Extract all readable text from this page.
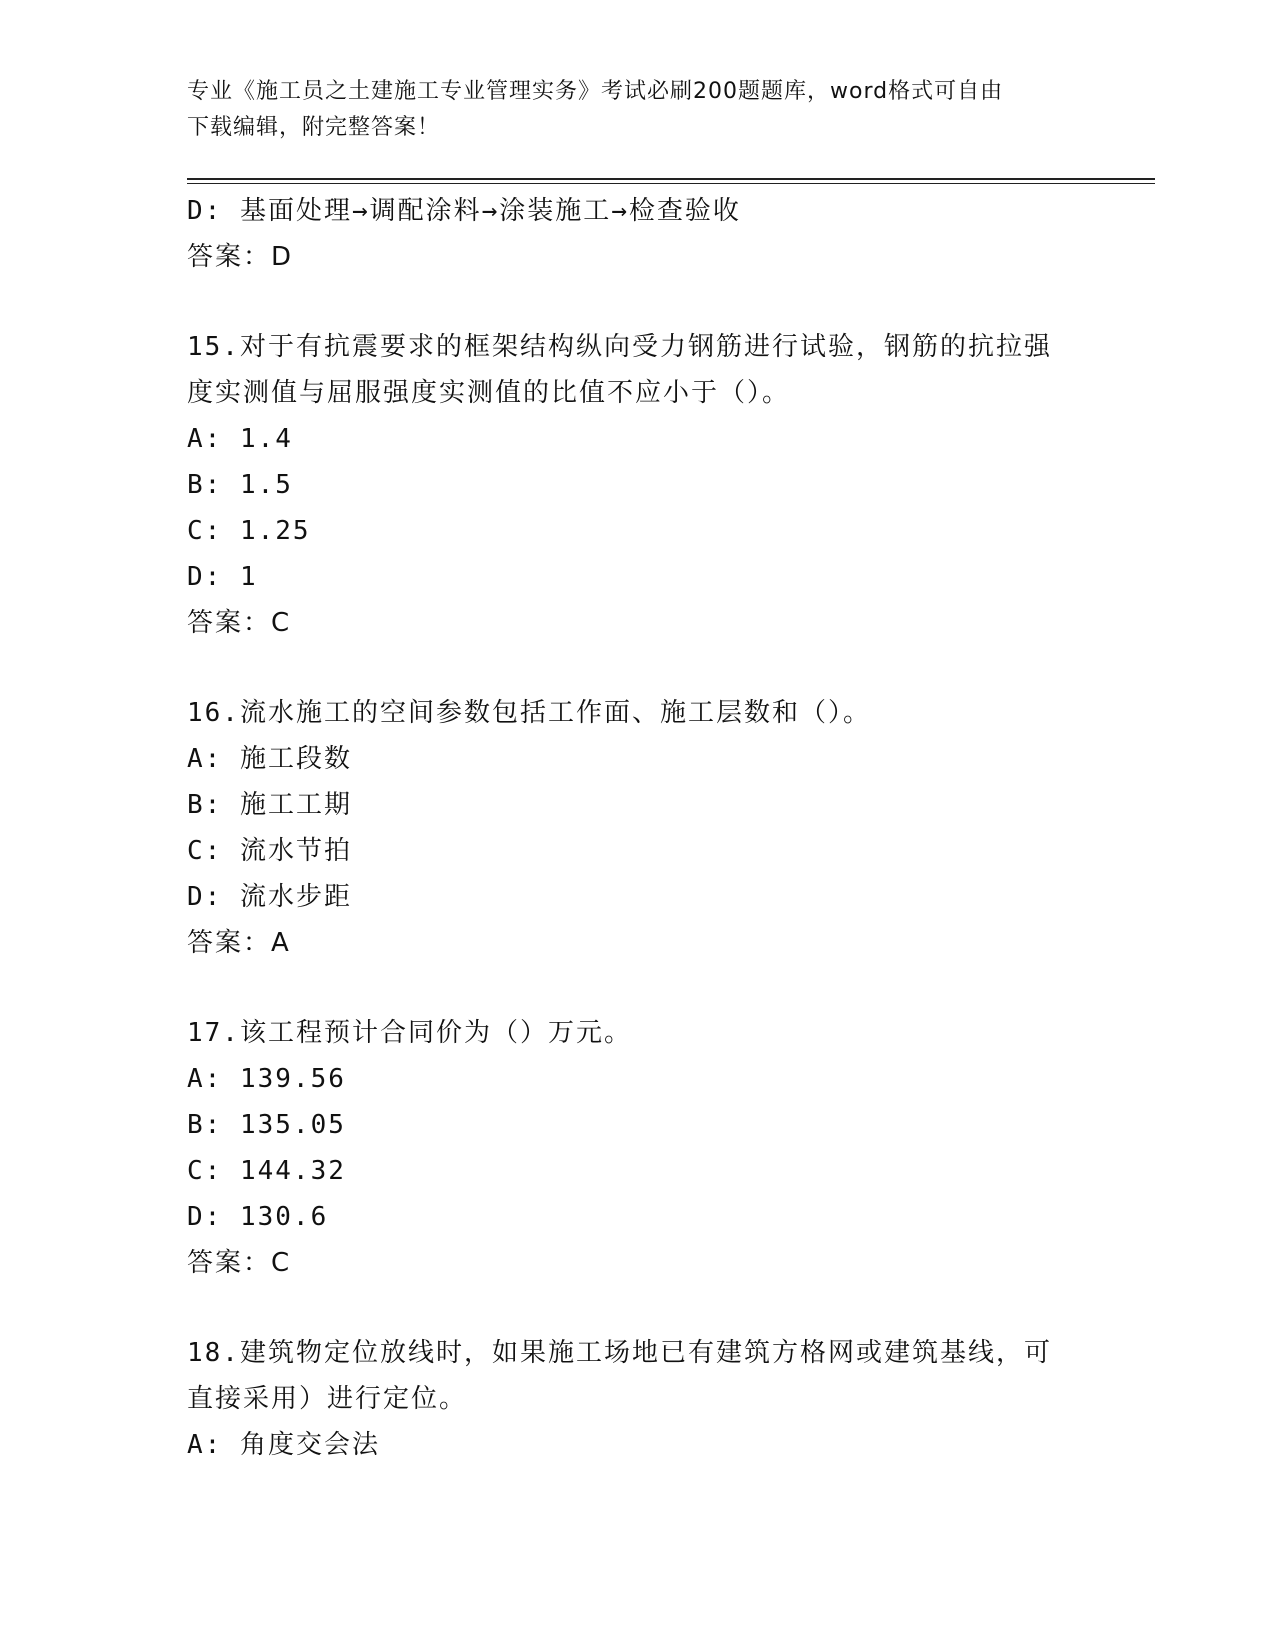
专业《施工员之土建施工专业管理实务》考试必刷200题题库，word格式可自由
下载编辑，附完整答案！
D: 基面处理→调配涂料→涂装施工→检查验收
答案：D
15.对于有抗震要求的框架结构纵向受力钢筋进行试验，钢筋的抗拉强
度实测值与屈服强度实测值的比值不应小于（）。
A: 1.4
B: 1.5
C: 1.25
D: 1
答案：C
16.流水施工的空间参数包括工作面、施工层数和（）。
A: 施工段数
B: 施工工期
C: 流水节拍
D: 流水步距
答案：A
17.该工程预计合同价为（）万元。
A: 139.56
B: 135.05
C: 144.32
D: 130.6
答案：C
18.建筑物定位放线时，如果施工场地已有建筑方格网或建筑基线，可
直接采用）进行定位。
A: 角度交会法
